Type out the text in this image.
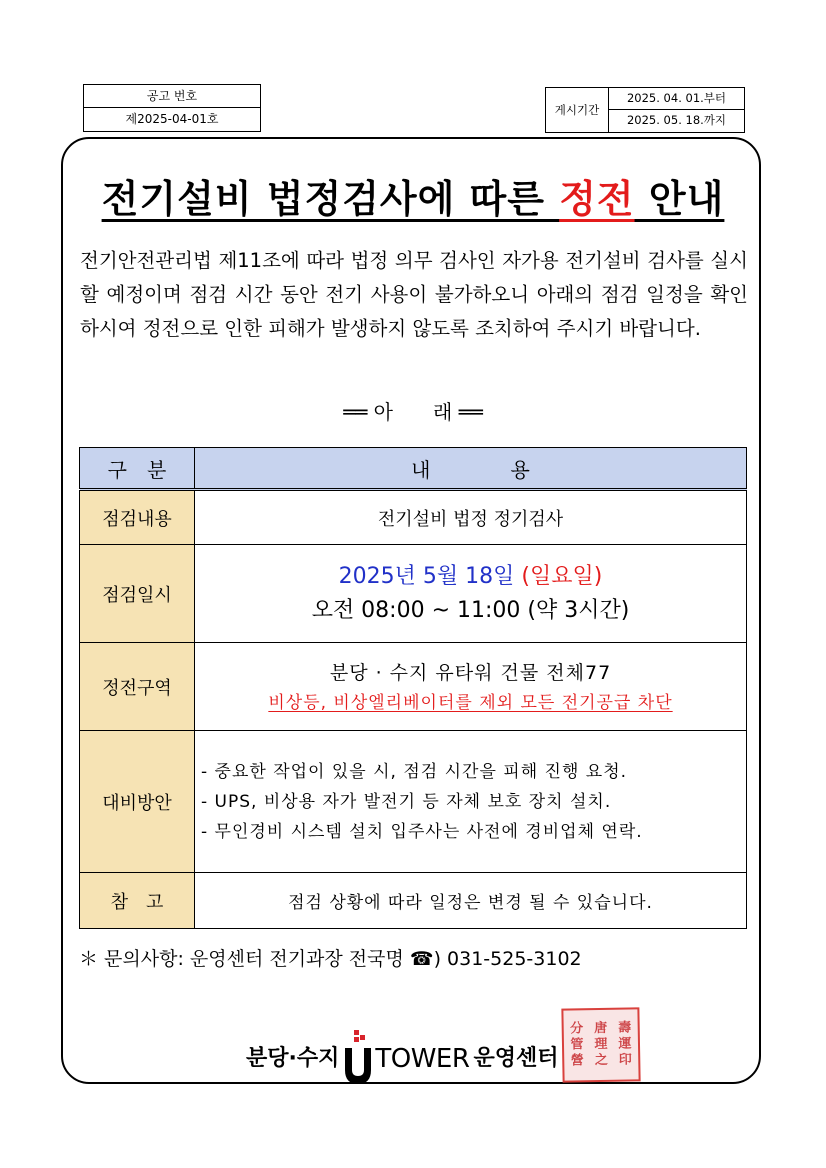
공고 번호
제2025-04-01호
게시기간
2025. 04. 01.부터
2025. 05. 18.까지
전기설비 법정검사에 따른 정전 안내
전기안전관리법 제11조에 따라 법정 의무 검사인 자가용 전기설비 검사를 실시 할 예정이며 점검 시간 동안 전기 사용이 불가하오니 아래의 점검 일정을 확인하시여 정전으로 인한 피해가 발생하지 않도록 조치하여 주시기 바랍니다.
══ 아　　래 ══
구　분	내　　　　용
점검내용	전기설비 법정 정기검사
점검일시	2025년 5월 18일 (일요일)
오전 08:00 ~ 11:00 (약 3시간)

정전구역	분당 · 수지 유타워 건물 전체77
비상등, 비상엘리베이터를 제외 모든 전기공급 차단

대비방안	- 중요한 작업이 있을 시, 점검 시간을 피해 진행 요청.
- UPS, 비상용 자가 발전기 등 자체 보호 장치 설치.
- 무인경비 시스템 설치 입주사는 사전에 경비업체 연락.

참　고	점검 상황에 따라 일정은 변경 될 수 있습니다.
＊ 문의사항: 운영센터 전기과장 전국명 ☎) 031-525-3102
분당·수지 TOWER 운영센터
分 唐 壽
管 理 運
營 之 印
